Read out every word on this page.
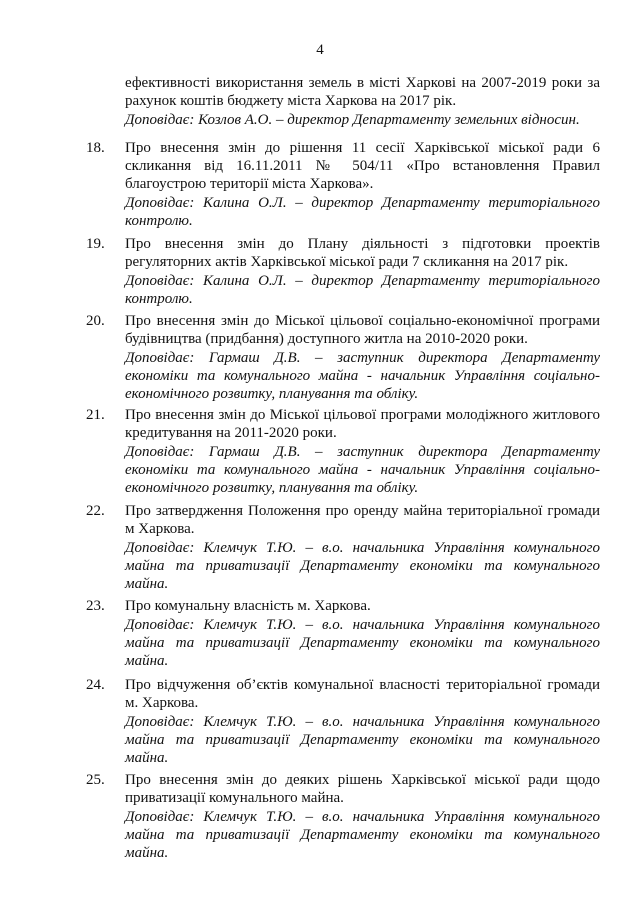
4

ефективності використання земель в місті Харкові на 2007-2019 роки за рахунок коштів бюджету міста Харкова на 2017 рік.

Доповідає: Козлов А.О. – директор Департаменту земельних відносин.

18. Про внесення змін до рішення 11 сесії Харківської міської ради 6 скликання від 16.11.2011 № 504/11 «Про встановлення Правил благоустрою території міста Харкова».

Доповідає: Калина О.Л. – директор Департаменту територіального контролю.

19. Про внесення змін до Плану діяльності з підготовки проектів регуляторних актів Харківської міської ради 7 скликання на 2017 рік.

Доповідає: Калина О.Л. – директор Департаменту територіального контролю.

20. Про внесення змін до Міської цільової соціально-економічної програми будівництва (придбання) доступного житла на 2010-2020 роки.

Доповідає: Гармаш Д.В. – заступник директора Департаменту економіки та комунального майна - начальник Управління соціально-економічного розвитку, планування та обліку.

21. Про внесення змін до Міської цільової програми молодіжного житлового кредитування на 2011-2020 роки.

Доповідає: Гармаш Д.В. – заступник директора Департаменту економіки та комунального майна - начальник Управління соціально-економічного розвитку, планування та обліку.

22. Про затвердження Положення про оренду майна територіальної громади м Харкова.

Доповідає: Клемчук Т.Ю. – в.о. начальника Управління комунального майна та приватизації Департаменту економіки та комунального майна.

23. Про комунальну власність м. Харкова.

Доповідає: Клемчук Т.Ю. – в.о. начальника Управління комунального майна та приватизації Департаменту економіки та комунального майна.

24. Про відчуження об’єктів комунальної власності територіальної громади м. Харкова.

Доповідає: Клемчук Т.Ю. – в.о. начальника Управління комунального майна та приватизації Департаменту економіки та комунального майна.

25. Про внесення змін до деяких рішень Харківської міської ради щодо приватизації комунального майна.

Доповідає: Клемчук Т.Ю. – в.о. начальника Управління комунального майна та приватизації Департаменту економіки та комунального майна.
